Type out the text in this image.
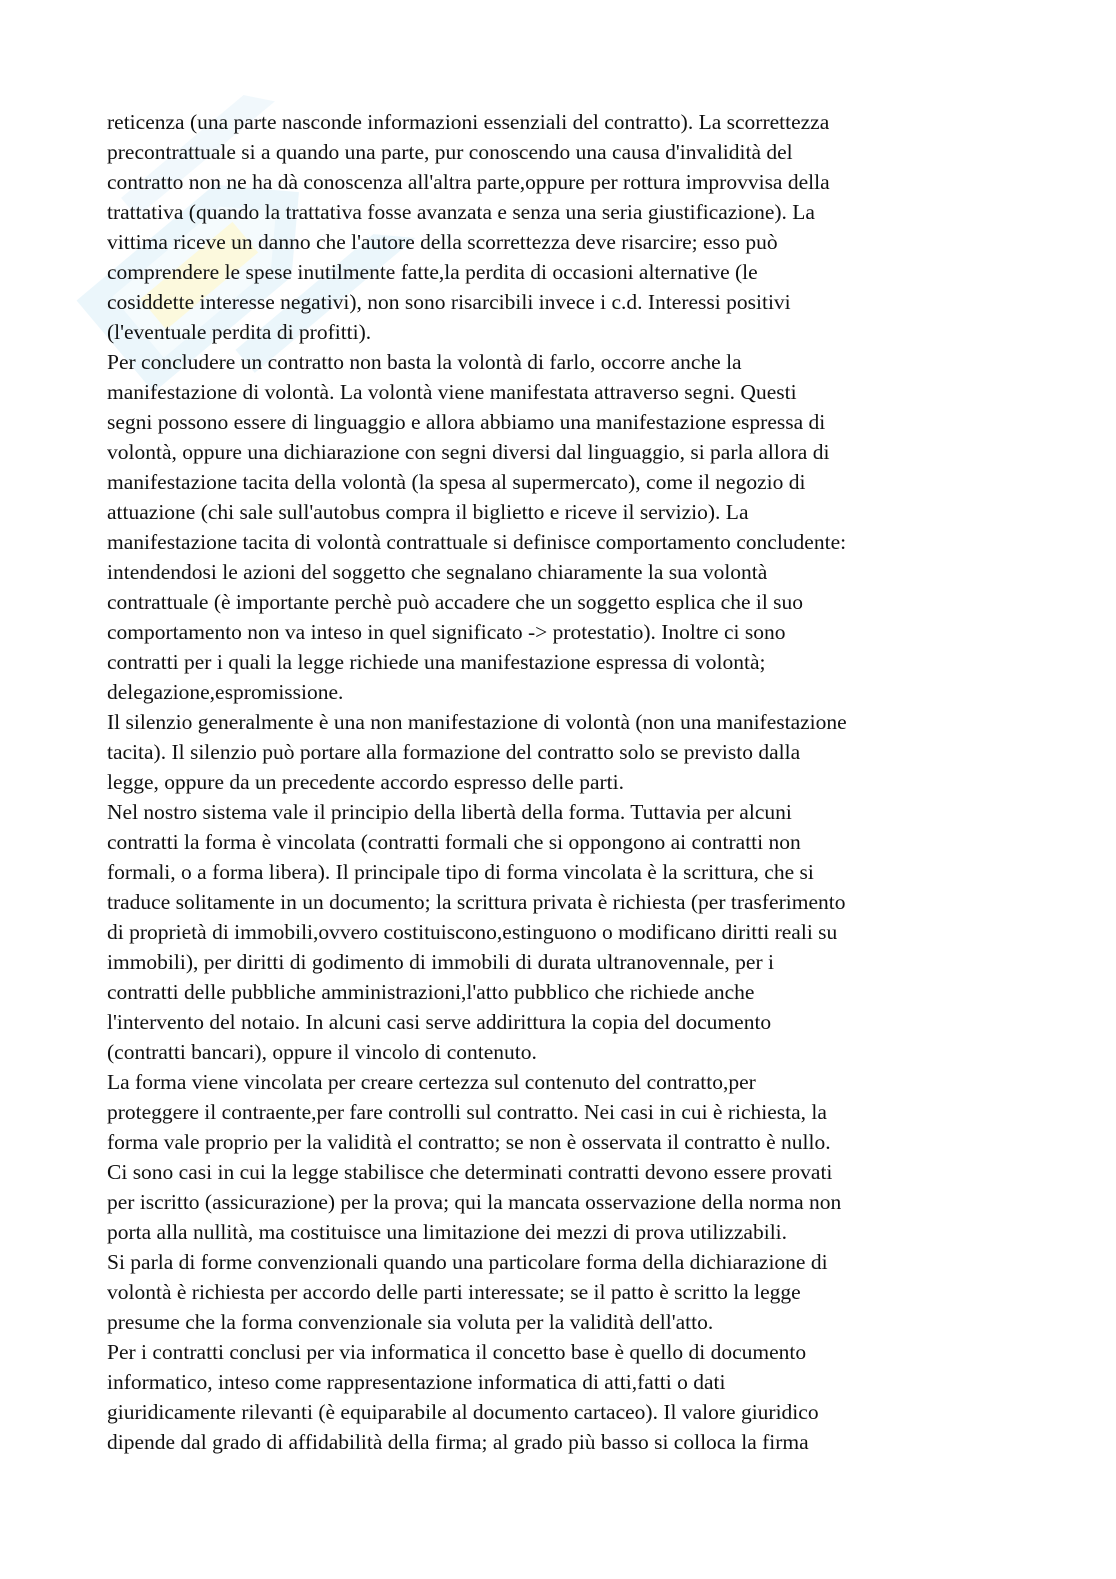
reticenza (una parte nasconde informazioni essenziali del contratto). La scorrettezza
precontrattuale si a quando una parte, pur conoscendo una causa d'invalidità del
contratto non ne ha dà conoscenza all'altra parte,oppure per rottura improvvisa della
trattativa (quando la trattativa fosse avanzata e senza una seria giustificazione). La
vittima riceve un danno che l'autore della scorrettezza deve risarcire; esso può
comprendere le spese inutilmente fatte,la perdita di occasioni alternative (le
cosiddette interesse negativi), non sono risarcibili invece i c.d. Interessi positivi
(l'eventuale perdita di profitti).
Per concludere un contratto non basta la volontà di farlo, occorre anche la
manifestazione di volontà. La volontà viene manifestata attraverso segni. Questi
segni possono essere di linguaggio e allora abbiamo una manifestazione espressa di
volontà, oppure una dichiarazione con segni diversi dal linguaggio, si parla allora di
manifestazione tacita della volontà (la spesa al supermercato), come il negozio di
attuazione (chi sale sull'autobus compra il biglietto e riceve il servizio). La
manifestazione tacita di volontà contrattuale si definisce comportamento concludente:
intendendosi le azioni del soggetto che segnalano chiaramente la sua volontà
contrattuale (è importante perchè può accadere che un soggetto esplica che il suo
comportamento non va inteso in quel significato -> protestatio). Inoltre ci sono
contratti per i quali la legge richiede una manifestazione espressa di volontà;
delegazione,espromissione.
Il silenzio generalmente è una non manifestazione di volontà (non una manifestazione
tacita). Il silenzio può portare alla formazione del contratto solo se previsto dalla
legge, oppure da un precedente accordo espresso delle parti.
Nel nostro sistema vale il principio della libertà della forma. Tuttavia per alcuni
contratti la forma è vincolata (contratti formali che si oppongono ai contratti non
formali, o a forma libera). Il principale tipo di forma vincolata è la scrittura, che si
traduce solitamente in un documento; la scrittura privata è richiesta (per trasferimento
di proprietà di immobili,ovvero costituiscono,estinguono o modificano diritti reali su
immobili), per diritti di godimento di immobili di durata ultranovennale, per i
contratti delle pubbliche amministrazioni,l'atto pubblico che richiede anche
l'intervento del notaio. In alcuni casi serve addirittura la copia del documento
(contratti bancari), oppure il vincolo di contenuto.
La forma viene vincolata per creare certezza sul contenuto del contratto,per
proteggere il contraente,per fare controlli sul contratto. Nei casi in cui è richiesta, la
forma vale proprio per la validità el contratto; se non è osservata il contratto è nullo.
Ci sono casi in cui la legge stabilisce che determinati contratti devono essere provati
per iscritto (assicurazione) per la prova; qui la mancata osservazione della norma non
porta alla nullità, ma costituisce una limitazione dei mezzi di prova utilizzabili.
Si parla di forme convenzionali quando una particolare forma della dichiarazione di
volontà è richiesta per accordo delle parti interessate; se il patto è scritto la legge
presume che la forma convenzionale sia voluta per la validità dell'atto.
Per i contratti conclusi per via informatica il concetto base è quello di documento
informatico, inteso come rappresentazione informatica di atti,fatti o dati
giuridicamente rilevanti (è equiparabile al documento cartaceo). Il valore giuridico
dipende dal grado di affidabilità della firma; al grado più basso si colloca la firma
